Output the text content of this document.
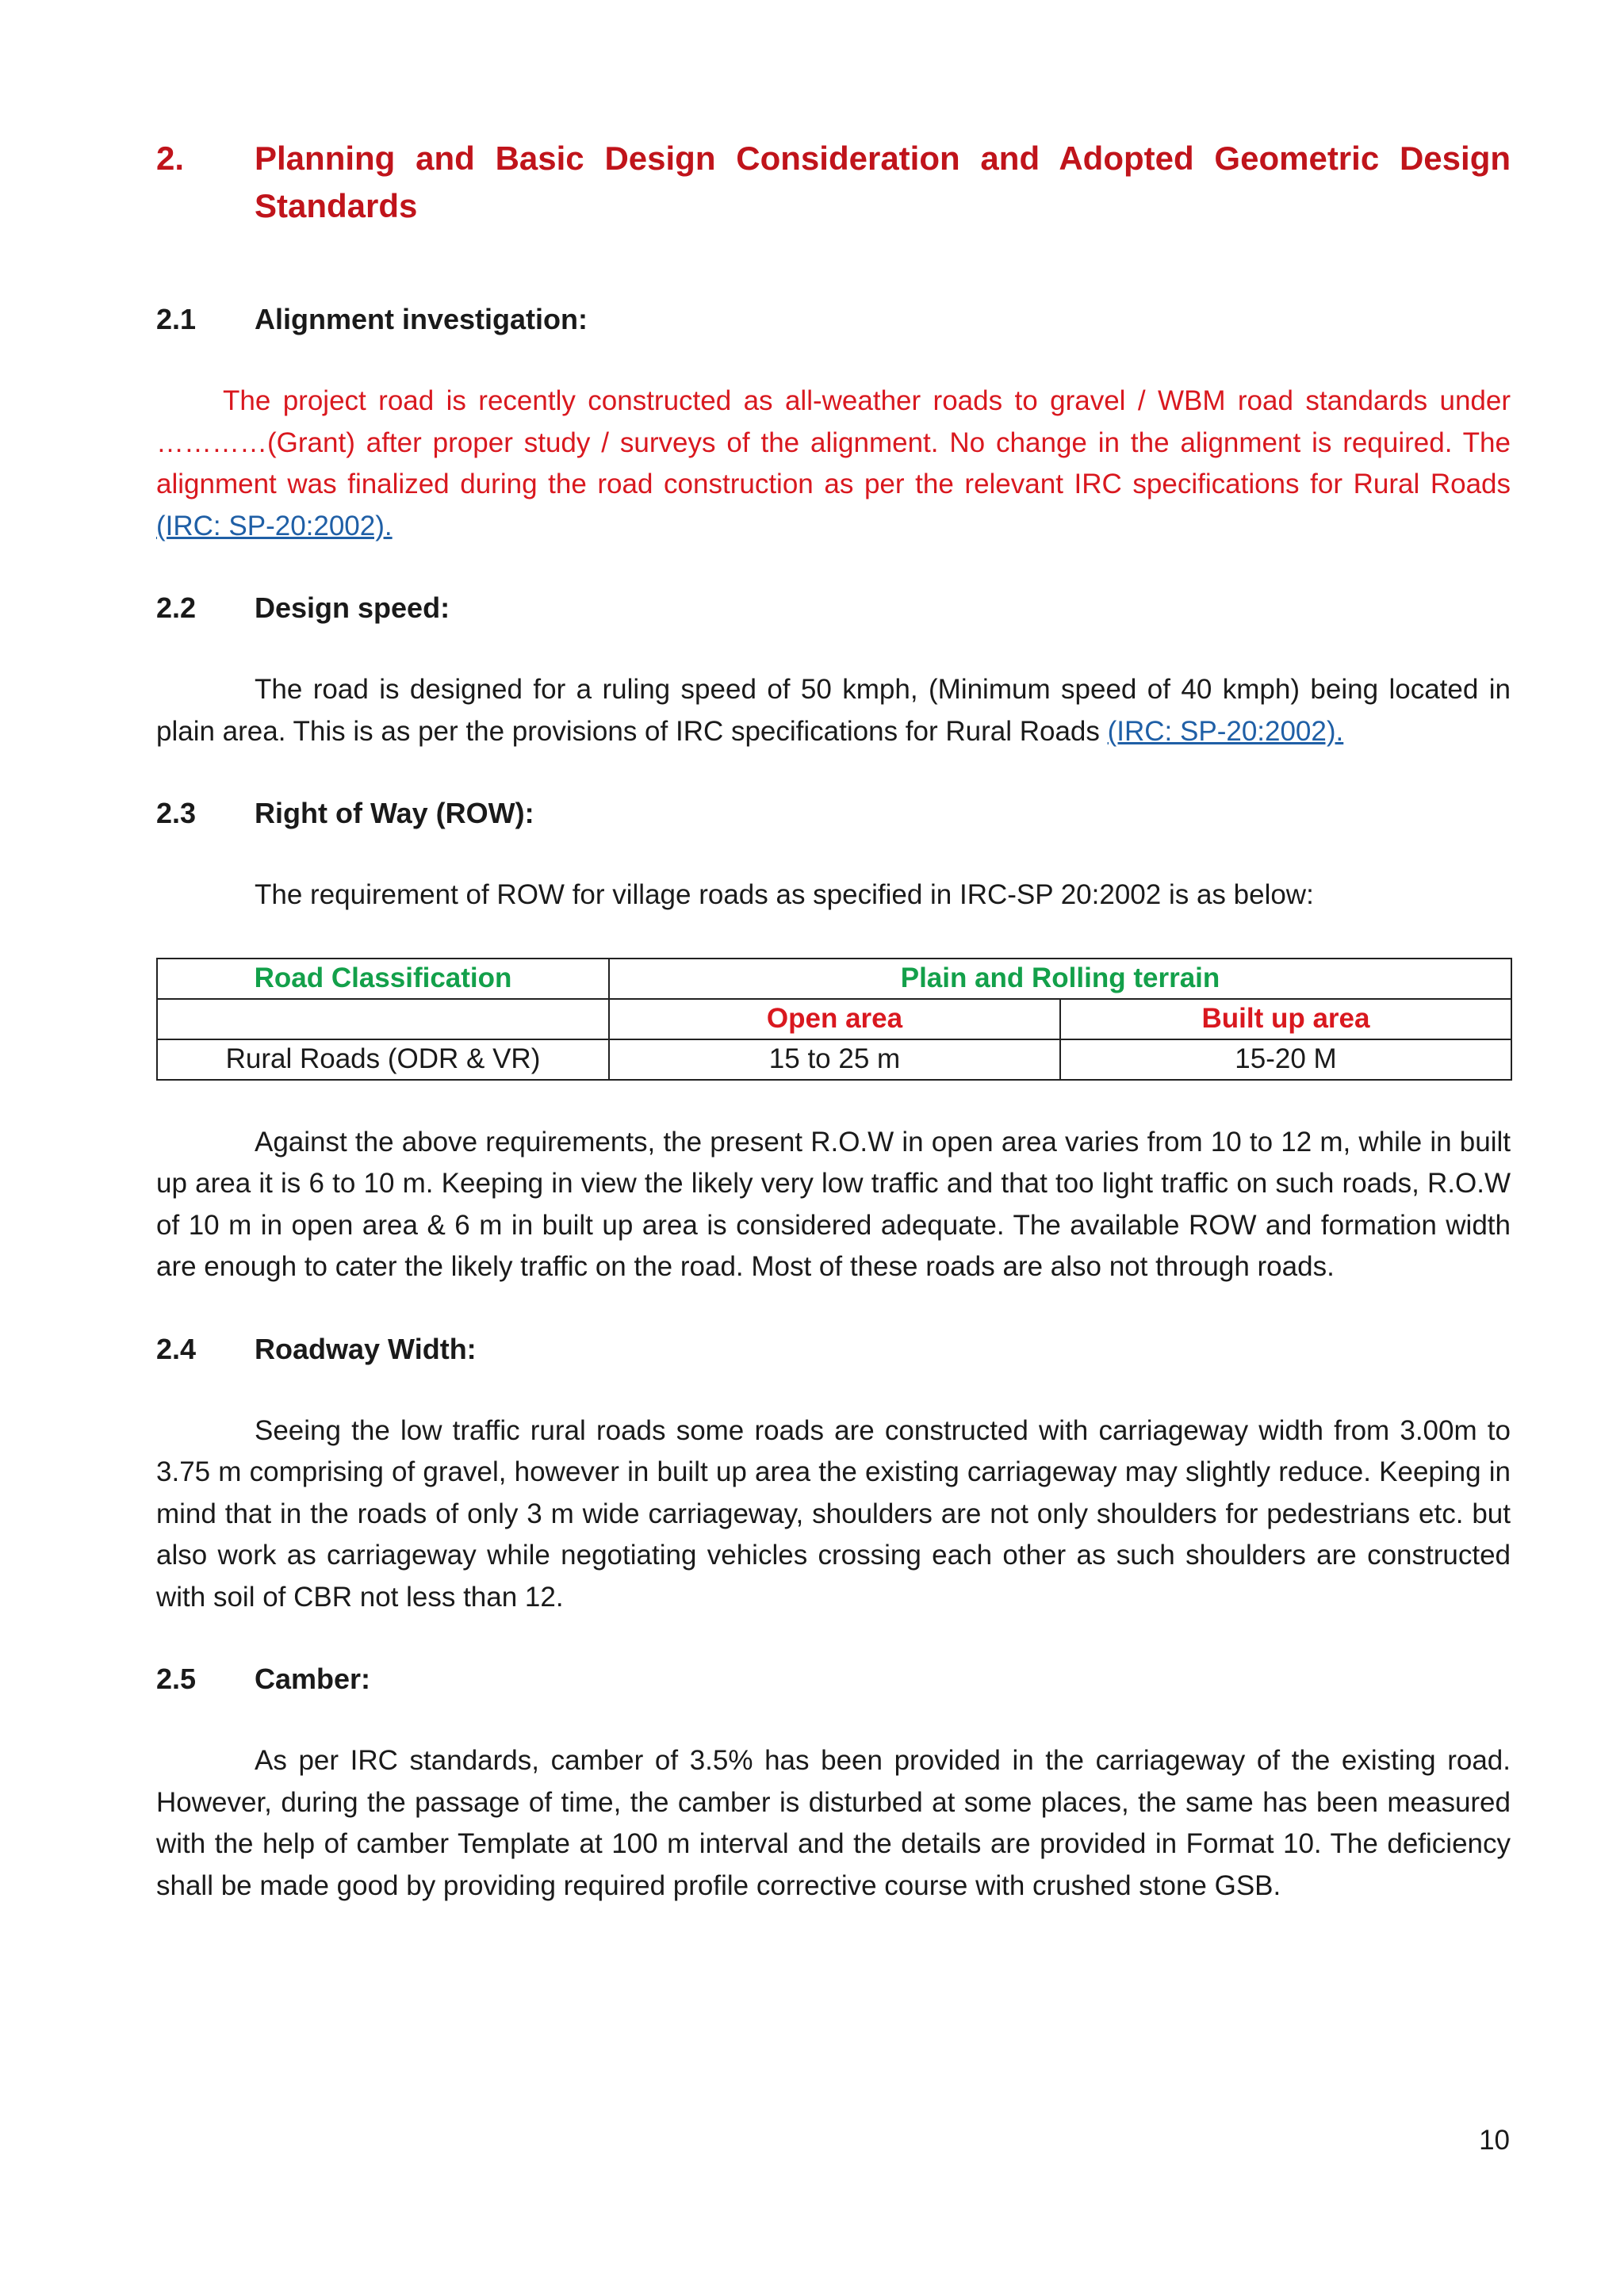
2.	Planning and Basic Design Consideration and Adopted Geometric Design Standards
2.1	Alignment investigation:

The project road is recently constructed as all-weather roads to gravel / WBM road standards under …………(Grant) after proper study / surveys of the alignment. No change in the alignment is required. The alignment was finalized during the road construction as per the relevant IRC specifications for Rural Roads (IRC: SP-20:2002).

2.2	Design speed:

The road is designed for a ruling speed of 50 kmph, (Minimum speed of 40 kmph) being located in plain area. This is as per the provisions of IRC specifications for Rural Roads (IRC: SP-20:2002).

2.3	Right of Way (ROW):

The requirement of ROW for village roads as specified in IRC-SP 20:2002 is as below:

Road Classification	Plain and Rolling terrain	
	Open area	Built up area
Rural Roads (ODR & VR)	15 to 25 m	15-20 M

Against the above requirements, the present R.O.W in open area varies from 10 to 12 m, while in built up area it is 6 to 10 m. Keeping in view the likely very low traffic and that too light traffic on such roads, R.O.W of 10 m in open area & 6 m in built up area is considered adequate. The available ROW and formation width are enough to cater the likely traffic on the road. Most of these roads are also not through roads.

2.4	Roadway Width:

Seeing the low traffic rural roads some roads are constructed with carriageway width from 3.00m to 3.75 m comprising of gravel, however in built up area the existing carriageway may slightly reduce. Keeping in mind that in the roads of only 3 m wide carriageway, shoulders are not only shoulders for pedestrians etc. but also work as carriageway while negotiating vehicles crossing each other as such shoulders are constructed with soil of CBR not less than 12.

2.5	Camber:

As per IRC standards, camber of 3.5% has been provided in the carriageway of the existing road. However, during the passage of time, the camber is disturbed at some places, the same has been measured with the help of camber Template at 100 m interval and the details are provided in Format 10. The deficiency shall be made good by providing required profile corrective course with crushed stone GSB.

10
